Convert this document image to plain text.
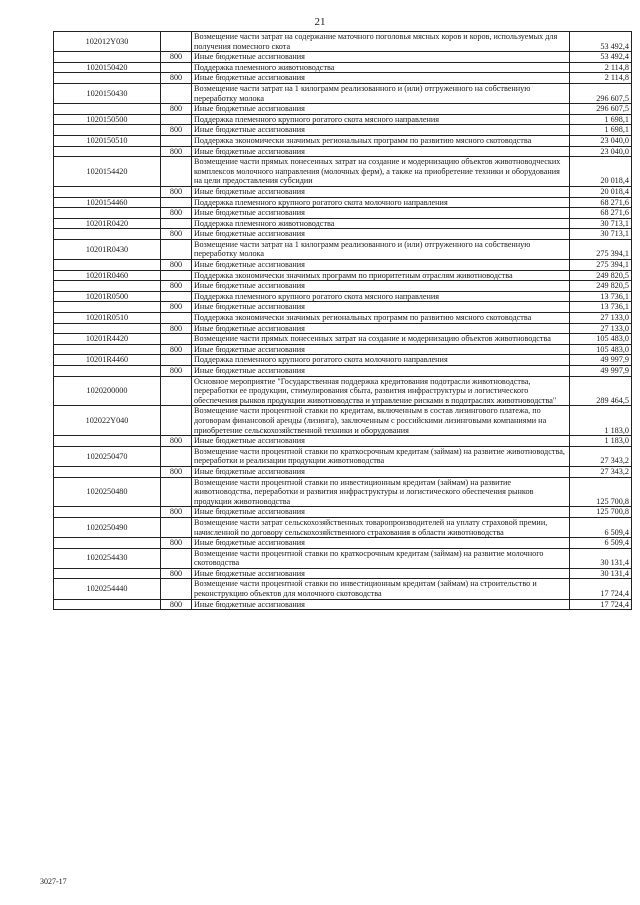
21
102012Y030		Возмещение части затрат на содержание маточного поголовья мясных коров и коров, используемых для получения помесного скота	53 492,4
	800	Иные бюджетные ассигнования	53 492,4
1020150420		Поддержка племенного животноводства	2 114,8
	800	Иные бюджетные ассигнования	2 114,8
1020150430		Возмещение части затрат на 1 килограмм реализованного и (или) отгруженного на собственную переработку молока	296 607,5
	800	Иные бюджетные ассигнования	296 607,5
1020150500		Поддержка племенного крупного рогатого скота мясного направления	1 698,1
	800	Иные бюджетные ассигнования	1 698,1
1020150510		Поддержка экономически значимых региональных программ по развитию мясного скотоводства	23 040,0
	800	Иные бюджетные ассигнования	23 040,0
1020154420		Возмещение части прямых понесенных затрат на создание и модернизацию объектов животноводческих комплексов молочного направления (молочных ферм), а также на приобретение техники и оборудования на цели предоставления субсидии	20 018,4
	800	Иные бюджетные ассигнования	20 018,4
1020154460		Поддержка племенного крупного рогатого скота молочного направления	68 271,6
	800	Иные бюджетные ассигнования	68 271,6
10201R0420		Поддержка племенного животноводства	30 713,1
	800	Иные бюджетные ассигнования	30 713,1
10201R0430		Возмещение части затрат на 1 килограмм реализованного и (или) отгруженного на собственную переработку молока	275 394,1
	800	Иные бюджетные ассигнования	275 394,1
10201R0460		Поддержка экономически значимых программ по приоритетным отраслям животноводства	249 820,5
	800	Иные бюджетные ассигнования	249 820,5
10201R0500		Поддержка племенного крупного рогатого скота мясного направления	13 736,1
	800	Иные бюджетные ассигнования	13 736,1
10201R0510		Поддержка экономически значимых региональных программ по развитию мясного скотоводства	27 133,0
	800	Иные бюджетные ассигнования	27 133,0
10201R4420		Возмещение части прямых понесенных затрат на создание и модернизацию объектов животноводства	105 483,0
	800	Иные бюджетные ассигнования	105 483,0
10201R4460		Поддержка племенного крупного рогатого скота молочного направления	49 997,9
	800	Иные бюджетные ассигнования	49 997,9
1020200000		Основное мероприятие "Государственная поддержка кредитования подотрасли животноводства, переработки ее продукции, стимулирования сбыта, развития инфраструктуры и логистического обеспечения рынков продукции животноводства и управление рисками в подотраслях животноводства"	289 464,5
102022Y040		Возмещение части процентной ставки по кредитам, включенным в состав лизингового платежа, по договорам финансовой аренды (лизинга), заключенным с российскими лизинговыми компаниями на приобретение сельскохозяйственной техники и оборудования	1 183,0
	800	Иные бюджетные ассигнования	1 183,0
1020250470		Возмещение части процентной ставки по краткосрочным кредитам (займам) на развитие животноводства, переработки и реализации продукции животноводства	27 343,2
	800	Иные бюджетные ассигнования	27 343,2
1020250480		Возмещение части процентной ставки по инвестиционным кредитам (займам) на развитие животноводства, переработки и развития инфраструктуры и логистического обеспечения рынков продукции животноводства	125 700,8
	800	Иные бюджетные ассигнования	125 700,8
1020250490		Возмещение части затрат сельскохозяйственных товаропроизводителей на уплату страховой премии, начисленной по договору сельскохозяйственного страхования в области животноводства	6 509,4
	800	Иные бюджетные ассигнования	6 509,4
1020254430		Возмещение части процентной ставки по краткосрочным кредитам (займам) на развитие молочного скотоводства	30 131,4
	800	Иные бюджетные ассигнования	30 131,4
1020254440		Возмещение части процентной ставки по инвестиционным кредитам (займам) на строительство и реконструкцию объектов для молочного скотоводства	17 724,4
	800	Иные бюджетные ассигнования	17 724,4
3027-17
